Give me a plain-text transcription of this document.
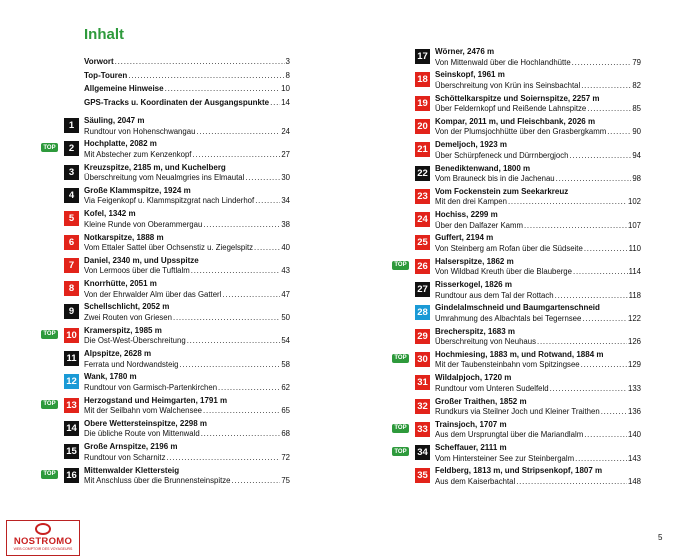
Inhalt
Vorwort .....	3
Top-Touren .....	8
Allgemeine Hinweise .....	10
GPS-Tracks u. Koordinaten der Ausgangspunkte ..... 14
1	Säuling, 2047 m
Rundtour von Hohenschwangau .....	24
TOP	2	Hochplatte, 2082 m
Mit Abstecher zum Kenzenkopf .....	27
3	Kreuzspitze, 2185 m, und Kuchelberg
Überschreitung vom Neualmgries ins Elmautal .....	30
4	Große Klammspitze, 1924 m
Via Feigenkopf u. Klammspitzgrat nach Linderhof .....	34
5	Kofel, 1342 m
Kleine Runde von Oberammergau .....	38
6	Notkarspitze, 1888 m
Vom Ettaler Sattel über Ochsenstiz u. Ziegelspitz .....	40
7	Daniel, 2340 m, und Upsspitze
Von Lermoos über die Tuftlalm .....	43
8	Knorrhütte, 2051 m
Von der Ehrwalder Alm über das Gatterl .....	47
9	Schellschlicht, 2052 m
Zwei Routen von Griesen .....	50
TOP 10 Kramerspitz, 1985 m
Die Ost-West-Überschreitung .....	54
11 Alpspitze, 2628 m
Ferrata und Nordwandsteig .....	58
12 Wank, 1780 m
Rundtour von Garmisch-Partenkirchen .....	62
TOP 13 Herzogstand und Heimgarten, 1791 m
Mit der Seilbahn vom Walchensee .....	65
14 Obere Wettersteinspitze, 2298 m
Die übliche Route von Mittenwald .....	68
15 Große Arnspitze, 2196 m
Rundtour von Scharnitz .....	72
TOP 16 Mittenwalder Klettersteig
Mit Anschluss über die Brunnensteinspitze .....	75
17 Wörner, 2476 m
Von Mittenwald über die Hochlandhütte .....	79
18 Seinskopf, 1961 m
Überschreitung von Krün ins Seinsbachtal .....	82
19 Schöttelkarspitze und Soiernspitze, 2257 m
Über Feldernkopf und Reißende Lahnspitze .....	85
20 Kompar, 2011 m, und Fleischbank, 2026 m
Von der Plumsjochhütte über den Grasbergkamm .....	90
21 Demeljoch, 1923 m
Über Schürpfeneck und Dürrnbergjoch .....	94
22 Benediktenwand, 1800 m
Vom Brauneck bis in die Jachenau .....	98
23 Vom Fockenstein zum Seekarkreuz
Mit den drei Kampen .....	102
24 Hochiss, 2299 m
Über den Dalfazer Kamm .....	107
25 Guffert, 2194 m
Von Steinberg am Rofan über die Südseite .....	110
TOP 26 Halserspitze, 1862 m
Von Wildbad Kreuth über die Blauberge .....	114
27 Risserkogel, 1826 m
Rundtour aus dem Tal der Rottach .....	118
28 Gindelalmschneid und Baumgartenschneid
Umrahmung des Albachtals bei Tegernsee .....	122
29 Brecherspitz, 1683 m
Überschreitung von Neuhaus .....	126
TOP 30 Hochmiesing, 1883 m, und Rotwand, 1884 m
Mit der Taubensteinbahn vom Spitzingsee .....	129
31 Wildalpjoch, 1720 m
Rundtour vom Unteren Sudelfeld .....	133
32 Großer Traithen, 1852 m
Rundkurs via Steilner Joch und Kleiner Traithen .....	136
TOP 33 Trainsjoch, 1707 m
Aus dem Ursprungtal über die Mariandlalm .....	140
TOP 34 Scheffauer, 2111 m
Vom Hintersteiner See zur Steinbergalm .....	143
35 Feldberg, 1813 m, und Stripsenkopf, 1807 m
Aus dem Kaiserbachtal .....	148
NOSTROMO
WEB COMPTOIR DES VOYAGEURS
5
